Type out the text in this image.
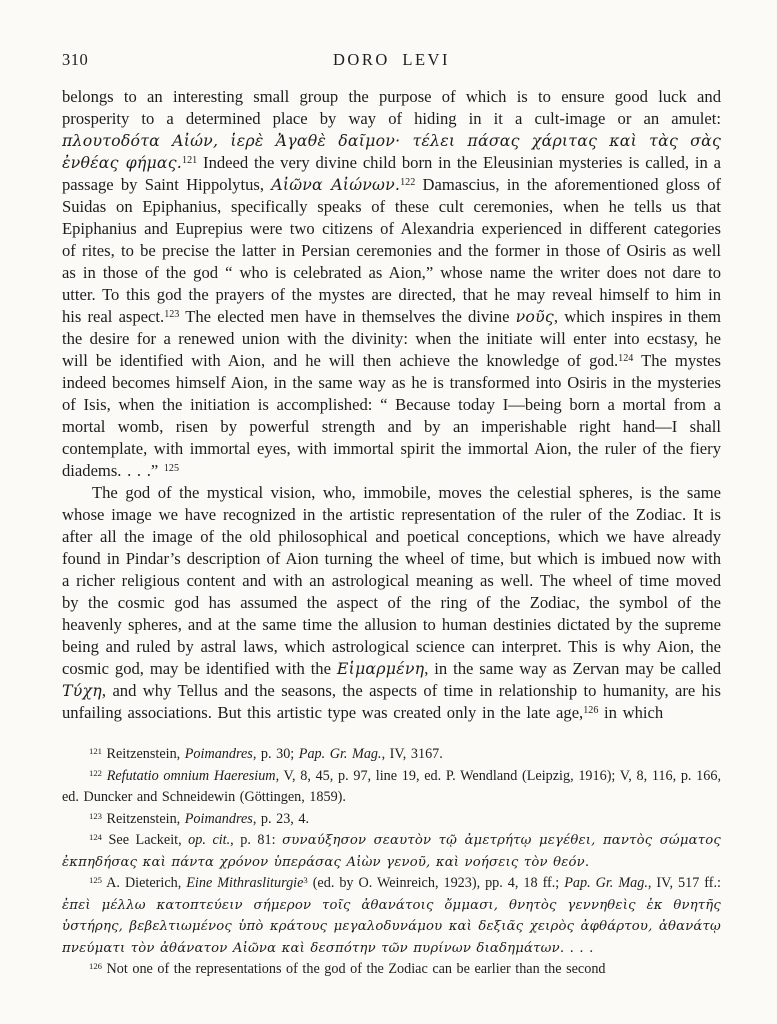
310	DORO LEVI

belongs to an interesting small group the purpose of which is to ensure good luck and prosperity to a determined place by way of hiding in it a cult-image or an amulet: πλουτοδότα Αἰών, ἱερὲ Ἀγαθὲ δαῖμον· τέλει πάσας χάριτας καὶ τὰς σὰς ἐνθέας φήμας.$^{121}$ Indeed the very divine child born in the Eleusinian mysteries is called, in a passage by Saint Hippolytus, Αἰῶνα Αἰώνων.$^{122}$ Damascius, in the aforementioned gloss of Suidas on Epiphanius, specifically speaks of these cult ceremonies, when he tells us that Epiphanius and Euprepius were two citizens of Alexandria experienced in different categories of rites, to be precise the latter in Persian ceremonies and the former in those of Osiris as well as in those of the god “ who is celebrated as Aion,” whose name the writer does not dare to utter. To this god the prayers of the mystes are directed, that he may reveal himself to him in his real aspect.$^{123}$ The elected men have in themselves the divine νοῦς, which inspires in them the desire for a renewed union with the divinity: when the initiate will enter into ecstasy, he will be identified with Aion, and he will then achieve the knowledge of god.$^{124}$ The mystes indeed becomes himself Aion, in the same way as he is transformed into Osiris in the mysteries of Isis, when the initiation is accomplished: “ Because today I—being born a mortal from a mortal womb, risen by powerful strength and by an imperishable right hand—I shall contemplate, with immortal eyes, with immortal spirit the immortal Aion, the ruler of the fiery diadems. . . .” $^{125}$

The god of the mystical vision, who, immobile, moves the celestial spheres, is the same whose image we have recognized in the artistic representation of the ruler of the Zodiac. It is after all the image of the old philosophical and poetical conceptions, which we have already found in Pindar’s description of Aion turning the wheel of time, but which is imbued now with a richer religious content and with an astrological meaning as well. The wheel of time moved by the cosmic god has assumed the aspect of the ring of the Zodiac, the symbol of the heavenly spheres, and at the same time the allusion to human destinies dictated by the supreme being and ruled by astral laws, which astrological science can interpret. This is why Aion, the cosmic god, may be identified with the Εἱμαρμένη, in the same way as Zervan may be called Τύχη, and why Tellus and the seasons, the aspects of time in relationship to humanity, are his unfailing associations. But this artistic type was created only in the late age,$^{126}$ in which

$^{121}$ Reitzenstein, Poimandres, p. 30; Pap. Gr. Mag., IV, 3167.

$^{122}$ Refutatio omnium Haeresium, V, 8, 45, p. 97, line 19, ed. P. Wendland (Leipzig, 1916); V, 8, 116, p. 166, ed. Duncker and Schneidewin (Göttingen, 1859).

$^{123}$ Reitzenstein, Poimandres, p. 23, 4.

$^{124}$ See Lackeit, op. cit., p. 81: συναύξησον σεαυτὸν τῷ ἀμετρήτῳ μεγέθει, παντὸς σώματος ἐκπηδήσας καὶ πάντα χρόνον ὑπεράσας Αἰὼν γενοῦ, καὶ νοήσεις τὸν θεόν.

$^{125}$ A. Dieterich, Eine Mithrasliturgie$^3$ (ed. by O. Weinreich, 1923), pp. 4, 18 ff.; Pap. Gr. Mag., IV, 517 ff.: ἐπεὶ μέλλω κατοπτεύειν σήμερον τοῖς ἀθανάτοις ὄμμασι, θνητὸς γεννηθεὶς ἐκ θνητῆς ὑστήρης, βεβελτιωμένος ὑπὸ κράτους μεγαλοδυνάμου καὶ δεξιᾶς χειρὸς ἀφθάρτου, ἀθανάτῳ πνεύματι τὸν ἀθάνατον Αἰῶνα καὶ δεσπότην τῶν πυρίνων διαδημάτων. . . .

$^{126}$ Not one of the representations of the god of the Zodiac can be earlier than the second
